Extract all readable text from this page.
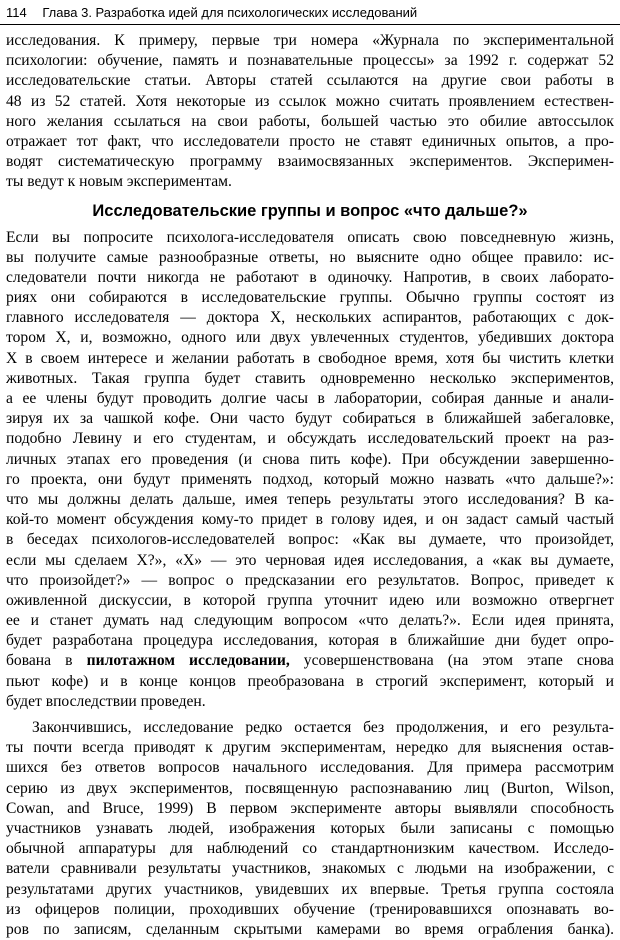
114 Глава 3. Разработка идей для психологических исследований
исследования. К примеру, первые три номера «Журнала по экспериментальной
психологии: обучение, память и познавательные процессы» за 1992 г. содержат 52
исследовательские статьи. Авторы статей ссылаются на другие свои работы в
48 из 52 статей. Хотя некоторые из ссылок можно считать проявлением естествен-
ного желания ссылаться на свои работы, большей частью это обилие автоссылок
отражает тот факт, что исследователи просто не ставят единичных опытов, а про-
водят систематическую программу взаимосвязанных экспериментов. Эксперимен-
ты ведут к новым экспериментам.
Исследовательские группы и вопрос «что дальше?»
Если вы попросите психолога-исследователя описать свою повседневную жизнь,
вы получите самые разнообразные ответы, но выясните одно общее правило: ис-
следователи почти никогда не работают в одиночку. Напротив, в своих лаборато-
риях они собираются в исследовательские группы. Обычно группы состоят из
главного исследователя — доктора X, нескольких аспирантов, работающих с док-
тором X, и, возможно, одного или двух увлеченных студентов, убедивших доктора
X в своем интересе и желании работать в свободное время, хотя бы чистить клетки
животных. Такая группа будет ставить одновременно несколько экспериментов,
а ее члены будут проводить долгие часы в лаборатории, собирая данные и анали-
зируя их за чашкой кофе. Они часто будут собираться в ближайшей забегаловке,
подобно Левину и его студентам, и обсуждать исследовательский проект на раз-
личных этапах его проведения (и снова пить кофе). При обсуждении завершенно-
го проекта, они будут применять подход, который можно назвать «что дальше?»:
что мы должны делать дальше, имея теперь результаты этого исследования? В ка-
кой-то момент обсуждения кому-то придет в голову идея, и он задаст самый частый
в беседах психологов-исследователей вопрос: «Как вы думаете, что произойдет,
если мы сделаем X?», «X» — это черновая идея исследования, а «как вы думаете,
что произойдет?» — вопрос о предсказании его результатов. Вопрос, приведет к
оживленной дискуссии, в которой группа уточнит идею или возможно отвергнет
ее и станет думать над следующим вопросом «что делать?». Если идея принята,
будет разработана процедура исследования, которая в ближайшие дни будет опро-
бована в пилотажном исследовании, усовершенствована (на этом этапе снова
пьют кофе) и в конце концов преобразована в строгий эксперимент, который и
будет впоследствии проведен.
Закончившись, исследование редко остается без продолжения, и его результа-
ты почти всегда приводят к другим экспериментам, нередко для выяснения остав-
шихся без ответов вопросов начального исследования. Для примера рассмотрим
серию из двух экспериментов, посвященную распознаванию лиц (Burton, Wilson,
Cowan, and Bruce, 1999) В первом эксперименте авторы выявляли способность
участников узнавать людей, изображения которых были записаны с помощью
обычной аппаратуры для наблюдений со стандартнонизким качеством. Исследо-
ватели сравнивали результаты участников, знакомых с людьми на изображении, с
результатами других участников, увидевших их впервые. Третья группа состояла
из офицеров полиции, проходивших обучение (тренировавшихся опознавать во-
ров по записям, сделанным скрытыми камерами во время ограбления банка).
